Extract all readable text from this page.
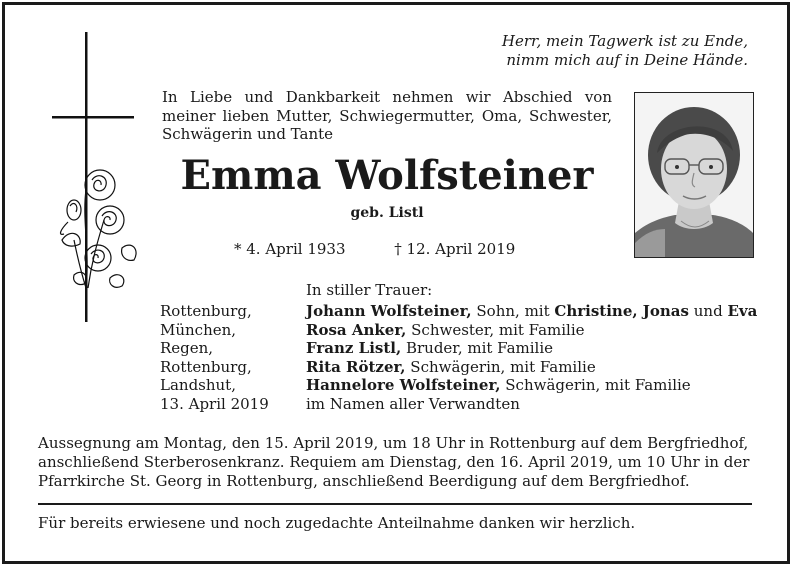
Herr, mein Tagwerk ist zu Ende,
nimm mich auf in Deine Hände.
In Liebe und Dankbarkeit nehmen wir Abschied von meiner lieben Mutter, Schwiegermutter, Oma, Schwester, Schwägerin und Tante
Emma Wolfsteiner
geb. Listl
* 4. April 1933	† 12. April 2019
In stiller Trauer:
Rottenburg,	Johann Wolfsteiner, Sohn, mit Christine, Jonas und Eva
München,	Rosa Anker, Schwester, mit Familie
Regen,	Franz Listl, Bruder, mit Familie
Rottenburg,	Rita Rötzer, Schwägerin, mit Familie
Landshut,	Hannelore Wolfsteiner, Schwägerin, mit Familie
13. April 2019	im Namen aller Verwandten
Aussegnung am Montag, den 15. April 2019, um 18 Uhr in Rottenburg auf dem Bergfriedhof, anschließend Sterberosenkranz. Requiem am Dienstag, den 16. April 2019, um 10 Uhr in der Pfarrkirche St. Georg in Rottenburg, anschließend Beerdigung auf dem Bergfriedhof.
Für bereits erwiesene und noch zugedachte Anteilnahme danken wir herzlich.
